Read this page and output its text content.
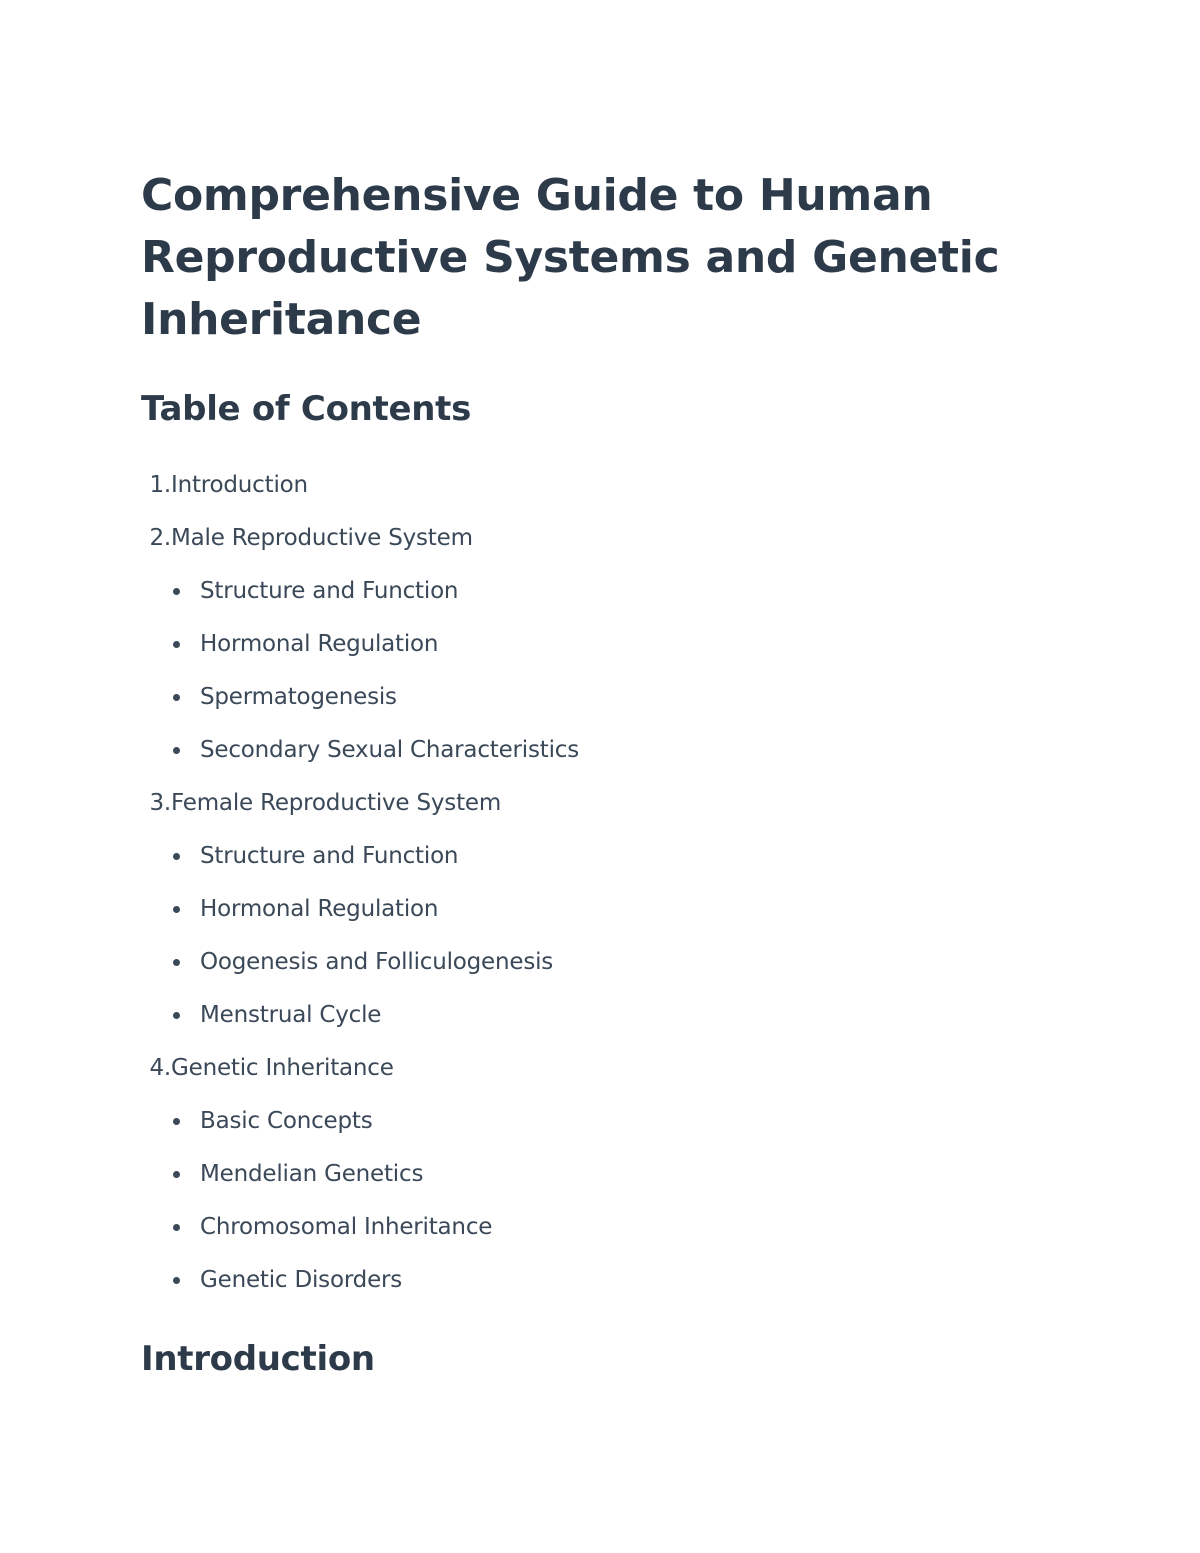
Comprehensive Guide to Human Reproductive Systems and Genetic Inheritance
Table of Contents
1. Introduction
2. Male Reproductive System
Structure and Function
Hormonal Regulation
Spermatogenesis
Secondary Sexual Characteristics
3. Female Reproductive System
Structure and Function
Hormonal Regulation
Oogenesis and Folliculogenesis
Menstrual Cycle
4. Genetic Inheritance
Basic Concepts
Mendelian Genetics
Chromosomal Inheritance
Genetic Disorders
Introduction
